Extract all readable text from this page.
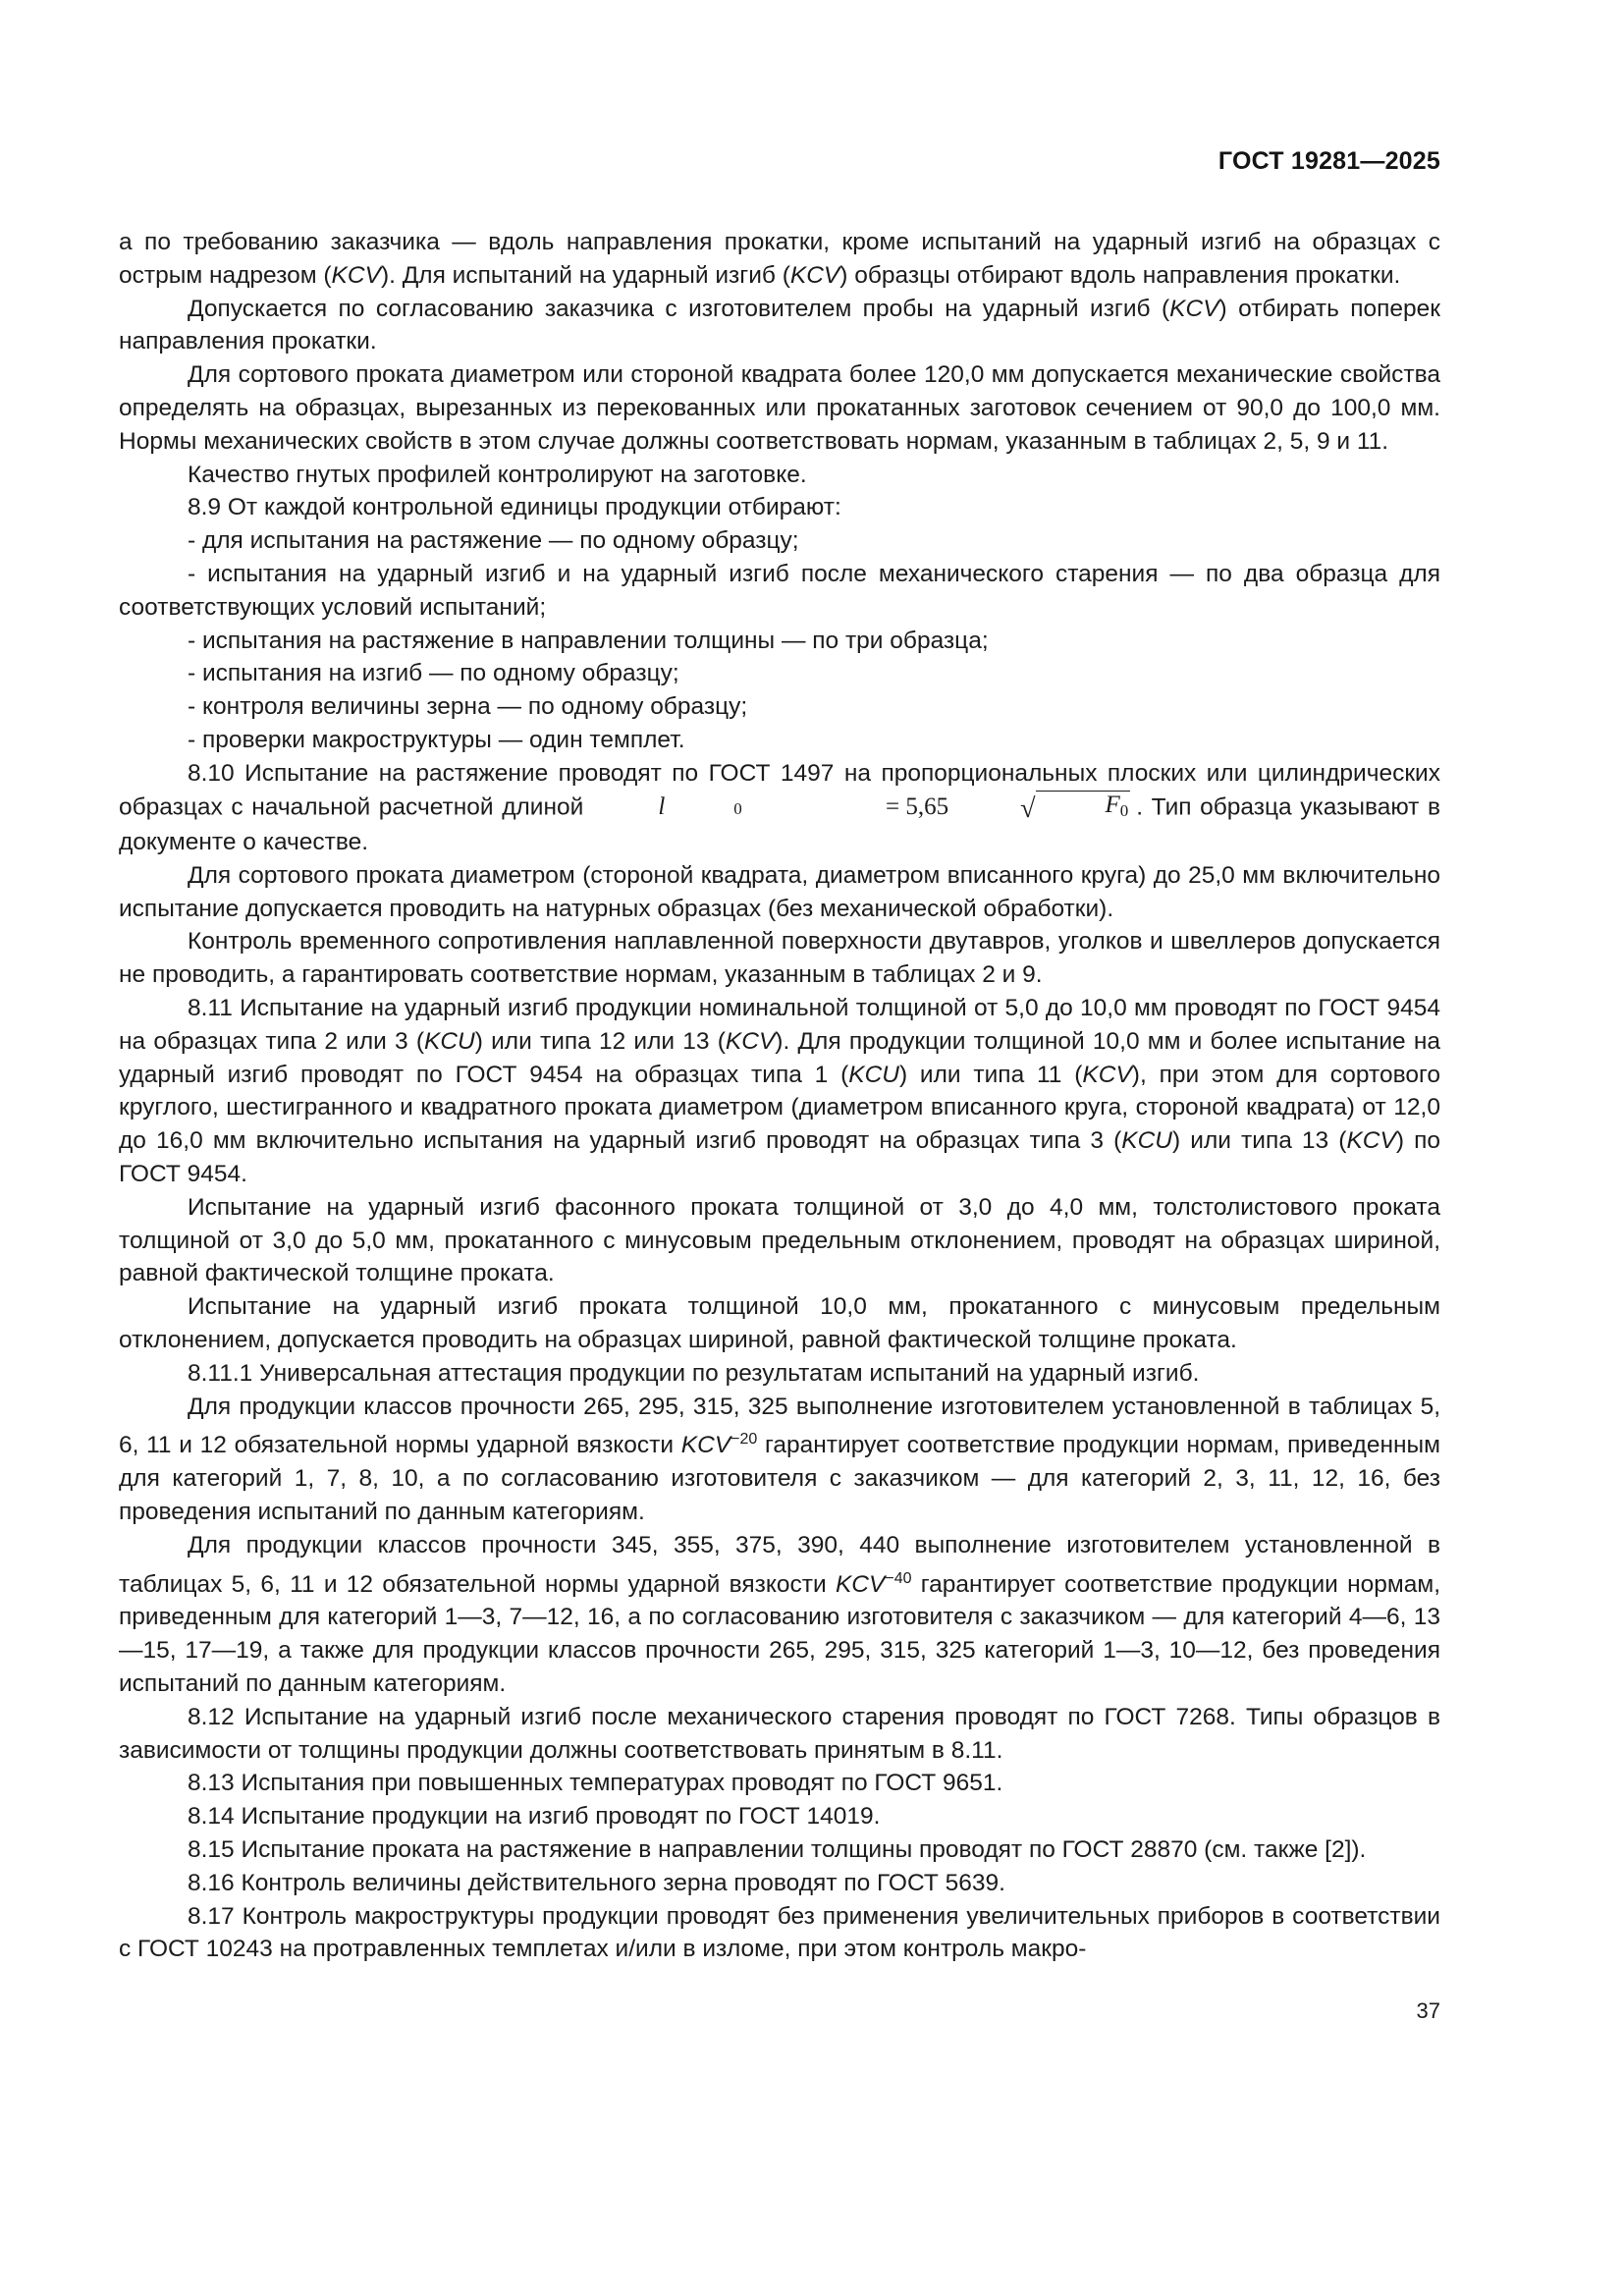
ГОСТ 19281—2025

а по требованию заказчика — вдоль направления прокатки, кроме испытаний на ударный изгиб на образцах с острым надрезом (KCV). Для испытаний на ударный изгиб (KCV) образцы отбирают вдоль направления прокатки.

Допускается по согласованию заказчика с изготовителем пробы на ударный изгиб (KCV) отбирать поперек направления прокатки.

Для сортового проката диаметром или стороной квадрата более 120,0 мм допускается механические свойства определять на образцах, вырезанных из перекованных или прокатанных заготовок сечением от 90,0 до 100,0 мм. Нормы механических свойств в этом случае должны соответствовать нормам, указанным в таблицах 2, 5, 9 и 11.

Качество гнутых профилей контролируют на заготовке.

8.9 От каждой контрольной единицы продукции отбирают:

- для испытания на растяжение — по одному образцу;

- испытания на ударный изгиб и на ударный изгиб после механического старения — по два образца для соответствующих условий испытаний;

- испытания на растяжение в направлении толщины — по три образца;

- испытания на изгиб — по одному образцу;

- контроля величины зерна — по одному образцу;

- проверки макроструктуры — один темплет.

8.10 Испытание на растяжение проводят по ГОСТ 1497 на пропорциональных плоских или цилиндрических образцах с начальной расчетной длиной	l	0
	= 5,65	√	$F_0$ . Тип образца указывают в документе о качестве.

Для сортового проката диаметром (стороной квадрата, диаметром вписанного круга) до 25,0 мм включительно испытание допускается проводить на натурных образцах (без механической обработки).

Контроль временного сопротивления наплавленной поверхности двутавров, уголков и швеллеров допускается не проводить, а гарантировать соответствие нормам, указанным в таблицах 2 и 9.

8.11 Испытание на ударный изгиб продукции номинальной толщиной от 5,0 до 10,0 мм проводят по ГОСТ 9454 на образцах типа 2 или 3 (KCU) или типа 12 или 13 (KCV). Для продукции толщиной 10,0 мм и более испытание на ударный изгиб проводят по ГОСТ 9454 на образцах типа 1 (KCU) или типа 11 (KCV), при этом для сортового круглого, шестигранного и квадратного проката диаметром (диаметром вписанного круга, стороной квадрата) от 12,0 до 16,0 мм включительно испытания на ударный изгиб проводят на образцах типа 3 (KCU) или типа 13 (KCV) по ГОСТ 9454.

Испытание на ударный изгиб фасонного проката толщиной от 3,0 до 4,0 мм, толстолистового проката толщиной от 3,0 до 5,0 мм, прокатанного с минусовым предельным отклонением, проводят на образцах шириной, равной фактической толщине проката.

Испытание на ударный изгиб проката толщиной 10,0 мм, прокатанного с минусовым предельным отклонением, допускается проводить на образцах шириной, равной фактической толщине проката.

8.11.1 Универсальная аттестация продукции по результатам испытаний на ударный изгиб.

Для продукции классов прочности 265, 295, 315, 325 выполнение изготовителем установленной в таблицах 5, 6, 11 и 12 обязательной нормы ударной вязкости $KCV^{-20}$ гарантирует соответствие продукции нормам, приведенным для категорий 1, 7, 8, 10, а по согласованию изготовителя с заказчиком — для категорий 2, 3, 11, 12, 16, без проведения испытаний по данным категориям.

Для продукции классов прочности 345, 355, 375, 390, 440 выполнение изготовителем установленной в таблицах 5, 6, 11 и 12 обязательной нормы ударной вязкости $KCV^{-40}$ гарантирует соответствие продукции нормам, приведенным для категорий 1—3, 7—12, 16, а по согласованию изготовителя с заказчиком — для категорий 4—6, 13—15, 17—19, а также для продукции классов прочности 265, 295, 315, 325 категорий 1—3, 10—12, без проведения испытаний по данным категориям.

8.12 Испытание на ударный изгиб после механического старения проводят по ГОСТ 7268. Типы образцов в зависимости от толщины продукции должны соответствовать принятым в 8.11.

8.13 Испытания при повышенных температурах проводят по ГОСТ 9651.

8.14 Испытание продукции на изгиб проводят по ГОСТ 14019.

8.15 Испытание проката на растяжение в направлении толщины проводят по ГОСТ 28870 (см. также [2]).

8.16 Контроль величины действительного зерна проводят по ГОСТ 5639.

8.17 Контроль макроструктуры продукции проводят без применения увеличительных приборов в соответствии с ГОСТ 10243 на протравленных темплетах и/или в изломе, при этом контроль макро-

37
